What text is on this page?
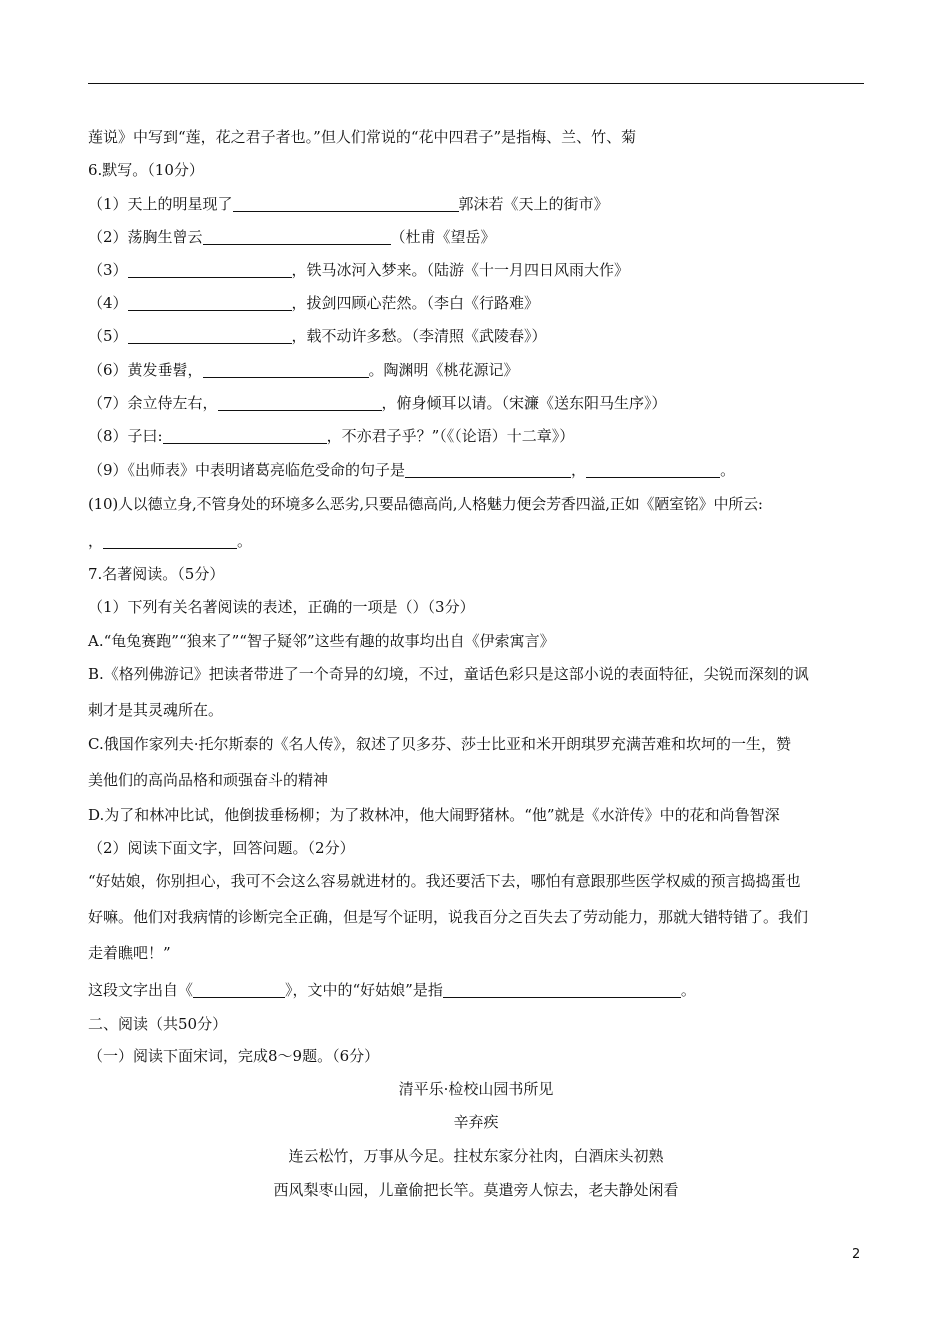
莲说》中写到“莲，花之君子者也。”但人们常说的“花中四君子”是指梅、兰、竹、菊
6.默写。（10分）
（1）天上的明星现了	郭沫若《天上的街市》
（2）荡胸生曾云	（杜甫《望岳》
（3）	，铁马冰河入梦来。（陆游《十一月四日风雨大作》
（4）	，拔剑四顾心茫然。（李白《行路难》
（5）	，载不动许多愁。（李清照《武陵春》）
（6）黄发垂髫，	。陶渊明《桃花源记》
（7）余立侍左右，	，俯身倾耳以请。（宋濂《送东阳马生序》）
（8）子曰:	，不亦君子乎？”（《（论语）十二章》）
（9）《出师表》中表明诸葛亮临危受命的句子是	，	。
(10)人以德立身,不管身处的环境多么恶劣,只要品德高尚,人格魅力便会芳香四溢,正如《陋室铭》中所云:
，	。
7.名著阅读。（5分）
（1）下列有关名著阅读的表述，正确的一项是（）（3分）
A.“龟兔赛跑”“狼来了”“智子疑邻”这些有趣的故事均出自《伊索寓言》
B.《格列佛游记》把读者带进了一个奇异的幻境，不过，童话色彩只是这部小说的表面特征，尖锐而深刻的讽
刺才是其灵魂所在。
C.俄国作家列夫·托尔斯泰的《名人传》，叙述了贝多芬、莎士比亚和米开朗琪罗充满苦难和坎坷的一生，赞
美他们的高尚品格和顽强奋斗的精神
D.为了和林冲比试，他倒拔垂杨柳；为了救林冲，他大闹野猪林。“他”就是《水浒传》中的花和尚鲁智深
（2）阅读下面文字，回答问题。（2分）
“好姑娘，你别担心，我可不会这么容易就进材的。我还要活下去，哪怕有意跟那些医学权威的预言捣捣蛋也
好嘛。他们对我病情的诊断完全正确，但是写个证明，说我百分之百失去了劳动能力，那就大错特错了。我们
走着瞧吧！”
这段文字出自《	》，文中的“好姑娘”是指	。
二、阅读（共50分）
（一）阅读下面宋词，完成8～9题。（6分）
清平乐·检校山园书所见
辛弃疾
连云松竹，万事从今足。拄杖东家分社肉，白酒床头初熟
西风梨枣山园，儿童偷把长竿。莫遣旁人惊去，老夫静处闲看
2
